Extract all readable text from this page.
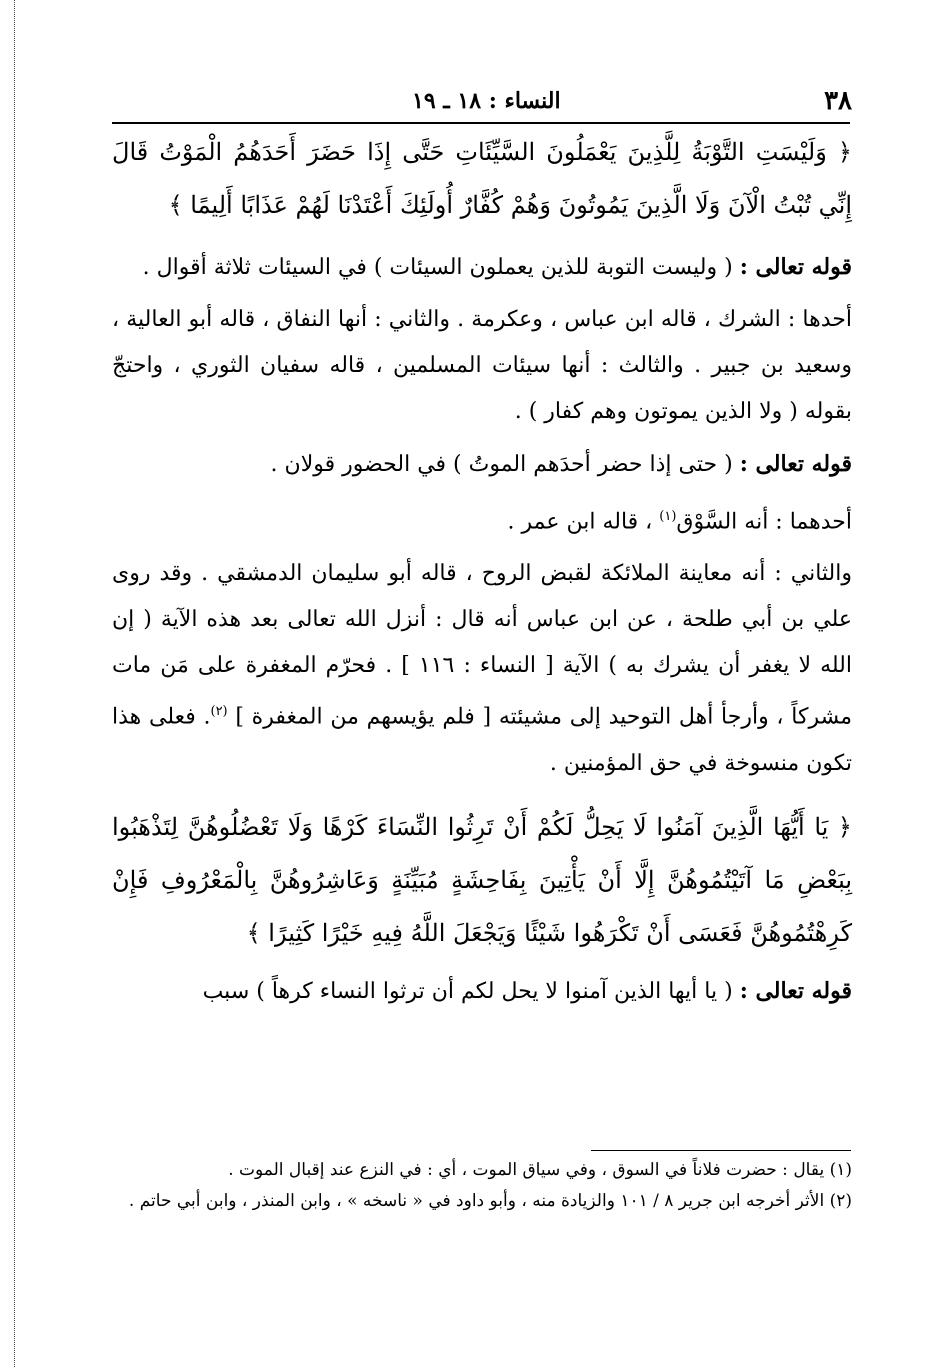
النساء : ١٨ ـ ١٩	٣٨

﴿ وَلَيْسَتِ التَّوْبَةُ لِلَّذِينَ يَعْمَلُونَ السَّيِّئَاتِ حَتَّى إِذَا حَضَرَ أَحَدَهُمُ الْمَوْتُ قَالَ إِنِّي تُبْتُ الْآنَ وَلَا الَّذِينَ يَمُوتُونَ وَهُمْ كُفَّارٌ أُولَئِكَ أَعْتَدْنَا لَهُمْ عَذَابًا أَلِيمًا ﴾

قوله تعالى : ( وليست التوبة للذين يعملون السيئات ) في السيئات ثلاثة أقوال .

أحدها : الشرك ، قاله ابن عباس ، وعكرمة . والثاني : أنها النفاق ، قاله أبو العالية ، وسعيد بن جبير . والثالث : أنها سيئات المسلمين ، قاله سفيان الثوري ، واحتجّ بقوله ( ولا الذين يموتون وهم كفار ) .

قوله تعالى : ( حتى إذا حضر أحدَهم الموتُ ) في الحضور قولان .

أحدهما : أنه السَّوْق$^{(١)}$ ، قاله ابن عمر .

والثاني : أنه معاينة الملائكة لقبض الروح ، قاله أبو سليمان الدمشقي . وقد روى علي بن أبي طلحة ، عن ابن عباس أنه قال : أنزل الله تعالى بعد هذه الآية ( إن الله لا يغفر أن يشرك به ) الآية [ النساء : ١١٦ ] . فحرّم المغفرة على مَن مات مشركاً ، وأرجأ أهل التوحيد إلى مشيئته [ فلم يؤيسهم من المغفرة ] $^{(٢)}$. فعلى هذا تكون منسوخة في حق المؤمنين .

﴿ يَا أَيُّهَا الَّذِينَ آمَنُوا لَا يَحِلُّ لَكُمْ أَنْ تَرِثُوا النِّسَاءَ كَرْهًا وَلَا تَعْضُلُوهُنَّ لِتَذْهَبُوا بِبَعْضِ مَا آتَيْتُمُوهُنَّ إِلَّا أَنْ يَأْتِينَ بِفَاحِشَةٍ مُبَيِّنَةٍ وَعَاشِرُوهُنَّ بِالْمَعْرُوفِ فَإِنْ كَرِهْتُمُوهُنَّ فَعَسَى أَنْ تَكْرَهُوا شَيْئًا وَيَجْعَلَ اللَّهُ فِيهِ خَيْرًا كَثِيرًا ﴾

قوله تعالى : ( يا أيها الذين آمنوا لا يحل لكم أن ترثوا النساء كرهاً ) سبب

(١) يقال : حضرت فلاناً في السوق ، وفي سياق الموت ، أي : في النزع عند إقبال الموت .

(٢) الأثر أخرجه ابن جرير ٨ / ١٠١ والزيادة منه ، وأبو داود في « ناسخه » ، وابن المنذر ، وابن أبي حاتم .
